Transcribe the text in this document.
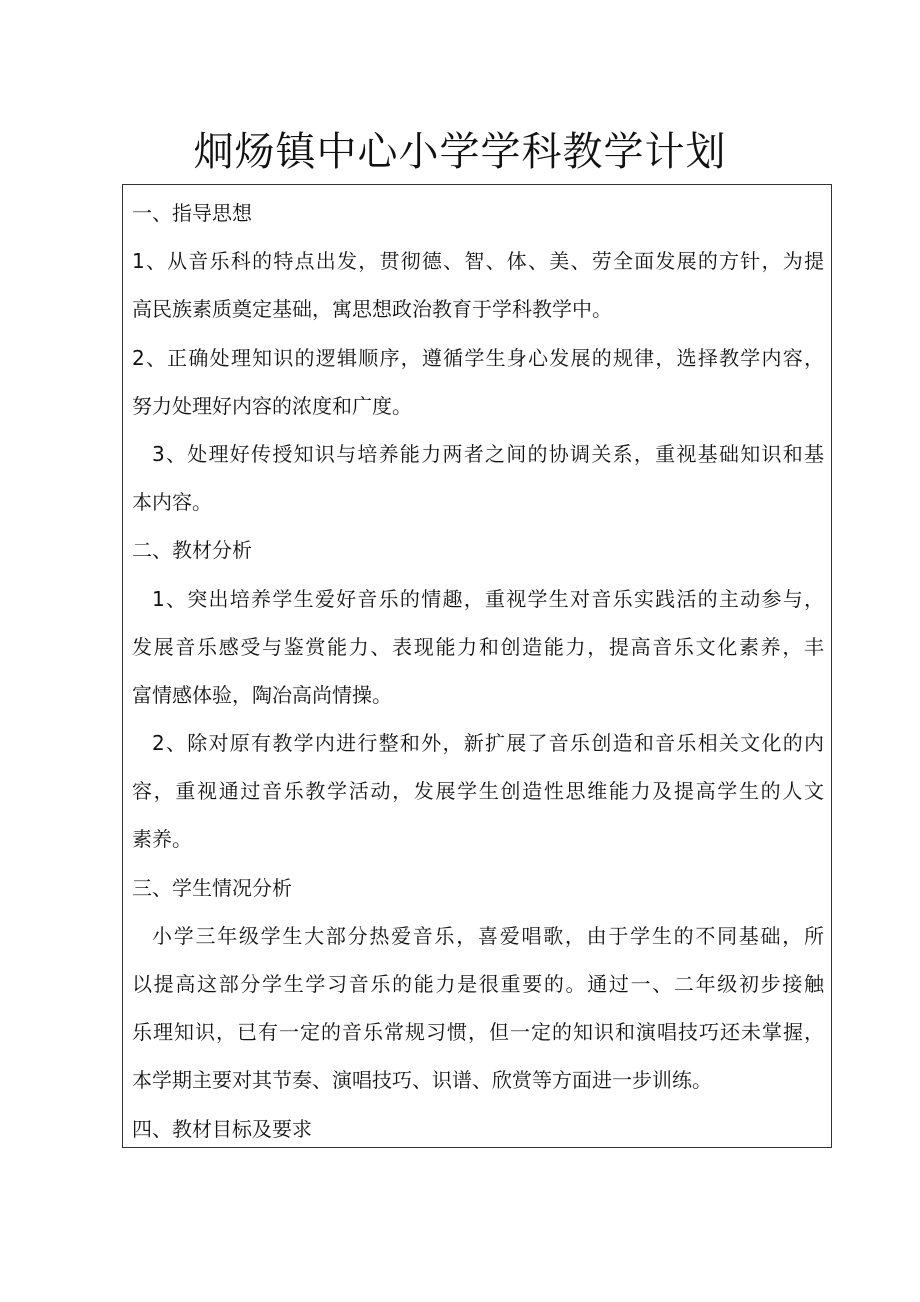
炯炀镇中心小学学科教学计划
一、指导思想
1、从音乐科的特点出发，贯彻德、智、体、美、劳全面发展的方针，为提
高民族素质奠定基础，寓思想政治教育于学科教学中。
2、正确处理知识的逻辑顺序，遵循学生身心发展的规律，选择教学内容，
努力处理好内容的浓度和广度。
3、处理好传授知识与培养能力两者之间的协调关系，重视基础知识和基
本内容。
二、教材分析
1、突出培养学生爱好音乐的情趣，重视学生对音乐实践活的主动参与，
发展音乐感受与鉴赏能力、表现能力和创造能力，提高音乐文化素养，丰
富情感体验，陶冶高尚情操。
2、除对原有教学内进行整和外，新扩展了音乐创造和音乐相关文化的内
容，重视通过音乐教学活动，发展学生创造性思维能力及提高学生的人文
素养。
三、学生情况分析
小学三年级学生大部分热爱音乐，喜爱唱歌，由于学生的不同基础，所
以提高这部分学生学习音乐的能力是很重要的。通过一、二年级初步接触
乐理知识，已有一定的音乐常规习惯，但一定的知识和演唱技巧还未掌握，
本学期主要对其节奏、演唱技巧、识谱、欣赏等方面进一步训练。
四、教材目标及要求
